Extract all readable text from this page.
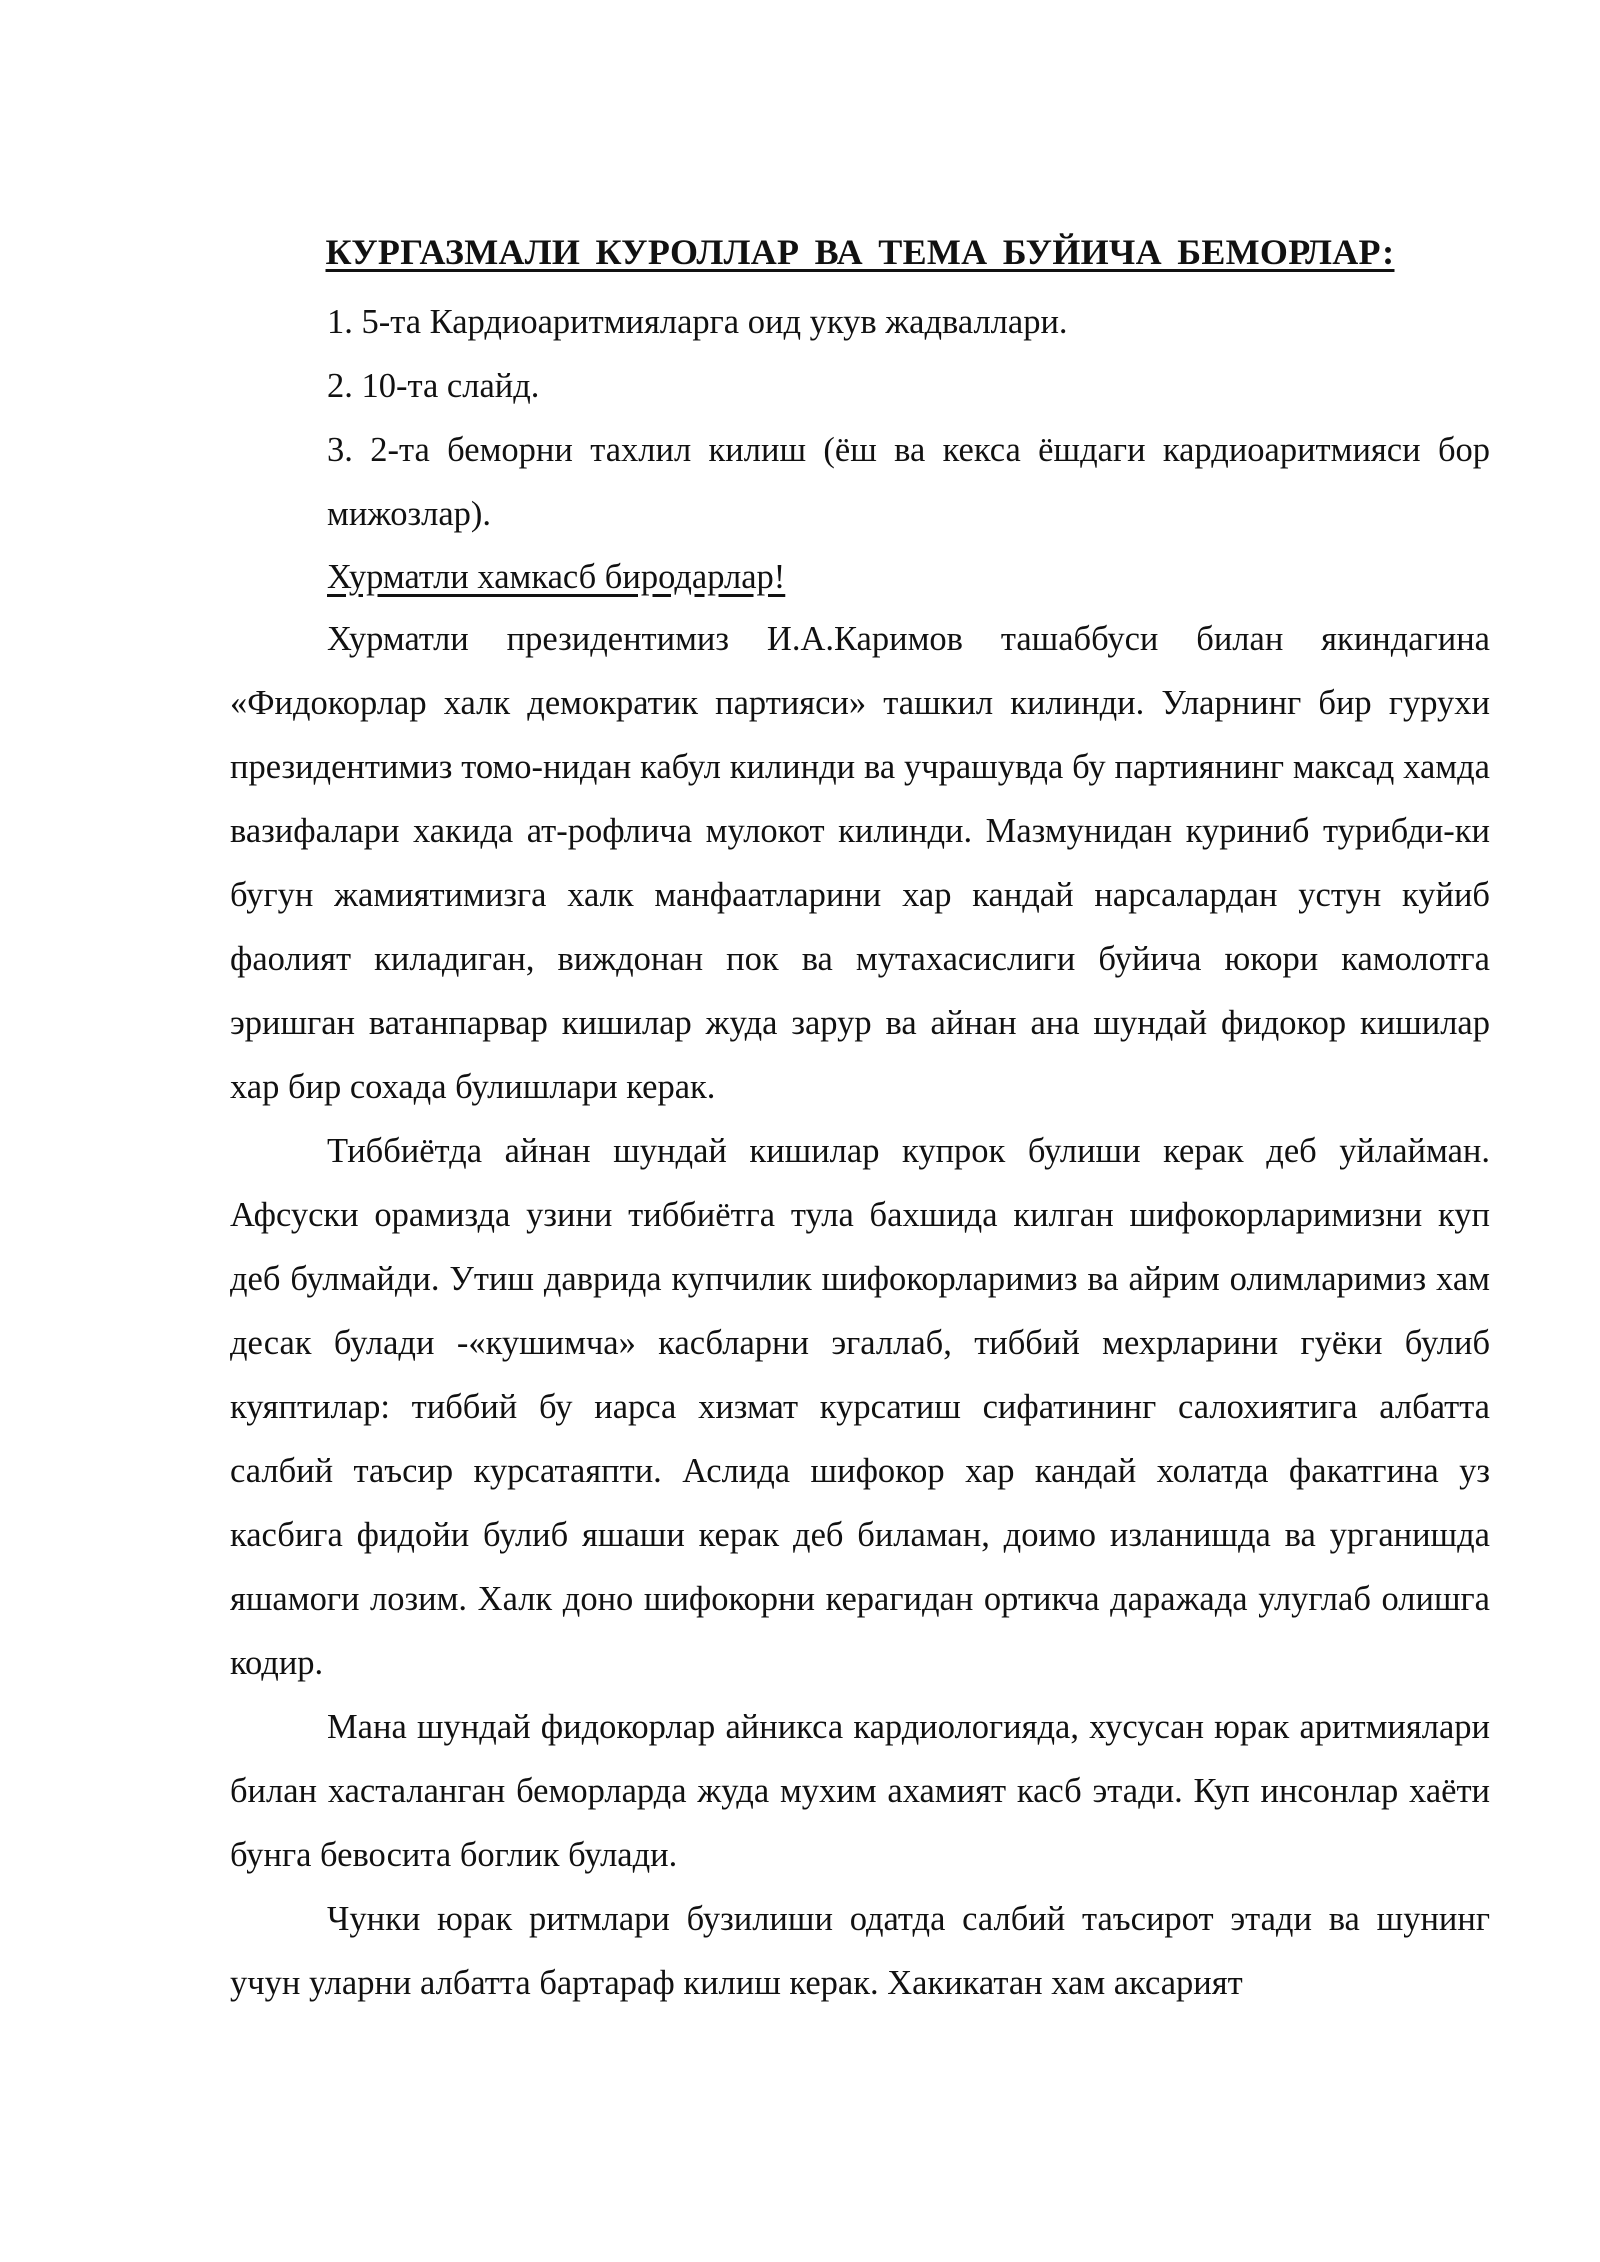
КУРГАЗМАЛИ КУРОЛЛАР ВА ТЕМА БУЙИЧА БЕМОРЛАР:
1. 5-та Кардиоаритмияларга оид укув жадваллари.
2. 10-та слайд.
3. 2-та беморни тахлил килиш (ёш ва кекса ёшдаги кардиоаритмияси бор мижозлар).
Хурматли хамкасб биродарлар!

Хурматли президентимиз И.А.Каримов ташаббуси билан якиндагина «Фидокорлар халк демократик партияси» ташкил килинди. Уларнинг бир гурухи президентимиз томо-нидан кабул килинди ва учрашувда бу партиянинг максад хамда вазифалари хакида ат-рофлича мулокот килинди. Мазмунидан куриниб турибди-ки бугун жамиятимизга халк манфаатларини хар кандай нарсалардан устун куйиб фаолият киладиган, виждонан пок ва мутахасислиги буйича юкори камолотга эришган ватанпарвар кишилар жуда зарур ва айнан ана шундай фидокор кишилар хар бир сохада булишлари керак.

Тиббиётда айнан шундай кишилар купрок булиши керак деб уйлайман. Афсуски орамизда узини тиббиётга тула бахшида килган шифокорларимизни куп деб булмайди. Утиш даврида купчилик шифокорларимиз ва айрим олимларимиз хам десак булади -«кушимча» касбларни эгаллаб, тиббий мехрларини гуёки булиб куяптилар: тиббий бу иарса хизмат курсатиш сифатининг салохиятига албатта салбий таъсир курсатаяпти. Аслида шифокор хар кандай холатда факатгина уз касбига фидойи булиб яшаши керак деб биламан, доимо изланишда ва урганишда яшамоги лозим. Халк доно шифокорни керагидан ортикча даражада улуглаб олишга кодир.

Мана шундай фидокорлар айникса кардиологияда, хусусан юрак аритмиялари билан хасталанган беморларда жуда мухим ахамият касб этади. Куп инсонлар хаёти бунга бевосита боглик булади.

Чунки юрак ритмлари бузилиши одатда салбий таъсирот этади ва шунинг учун уларни албатта бартараф килиш керак. Хакикатан хам аксарият
